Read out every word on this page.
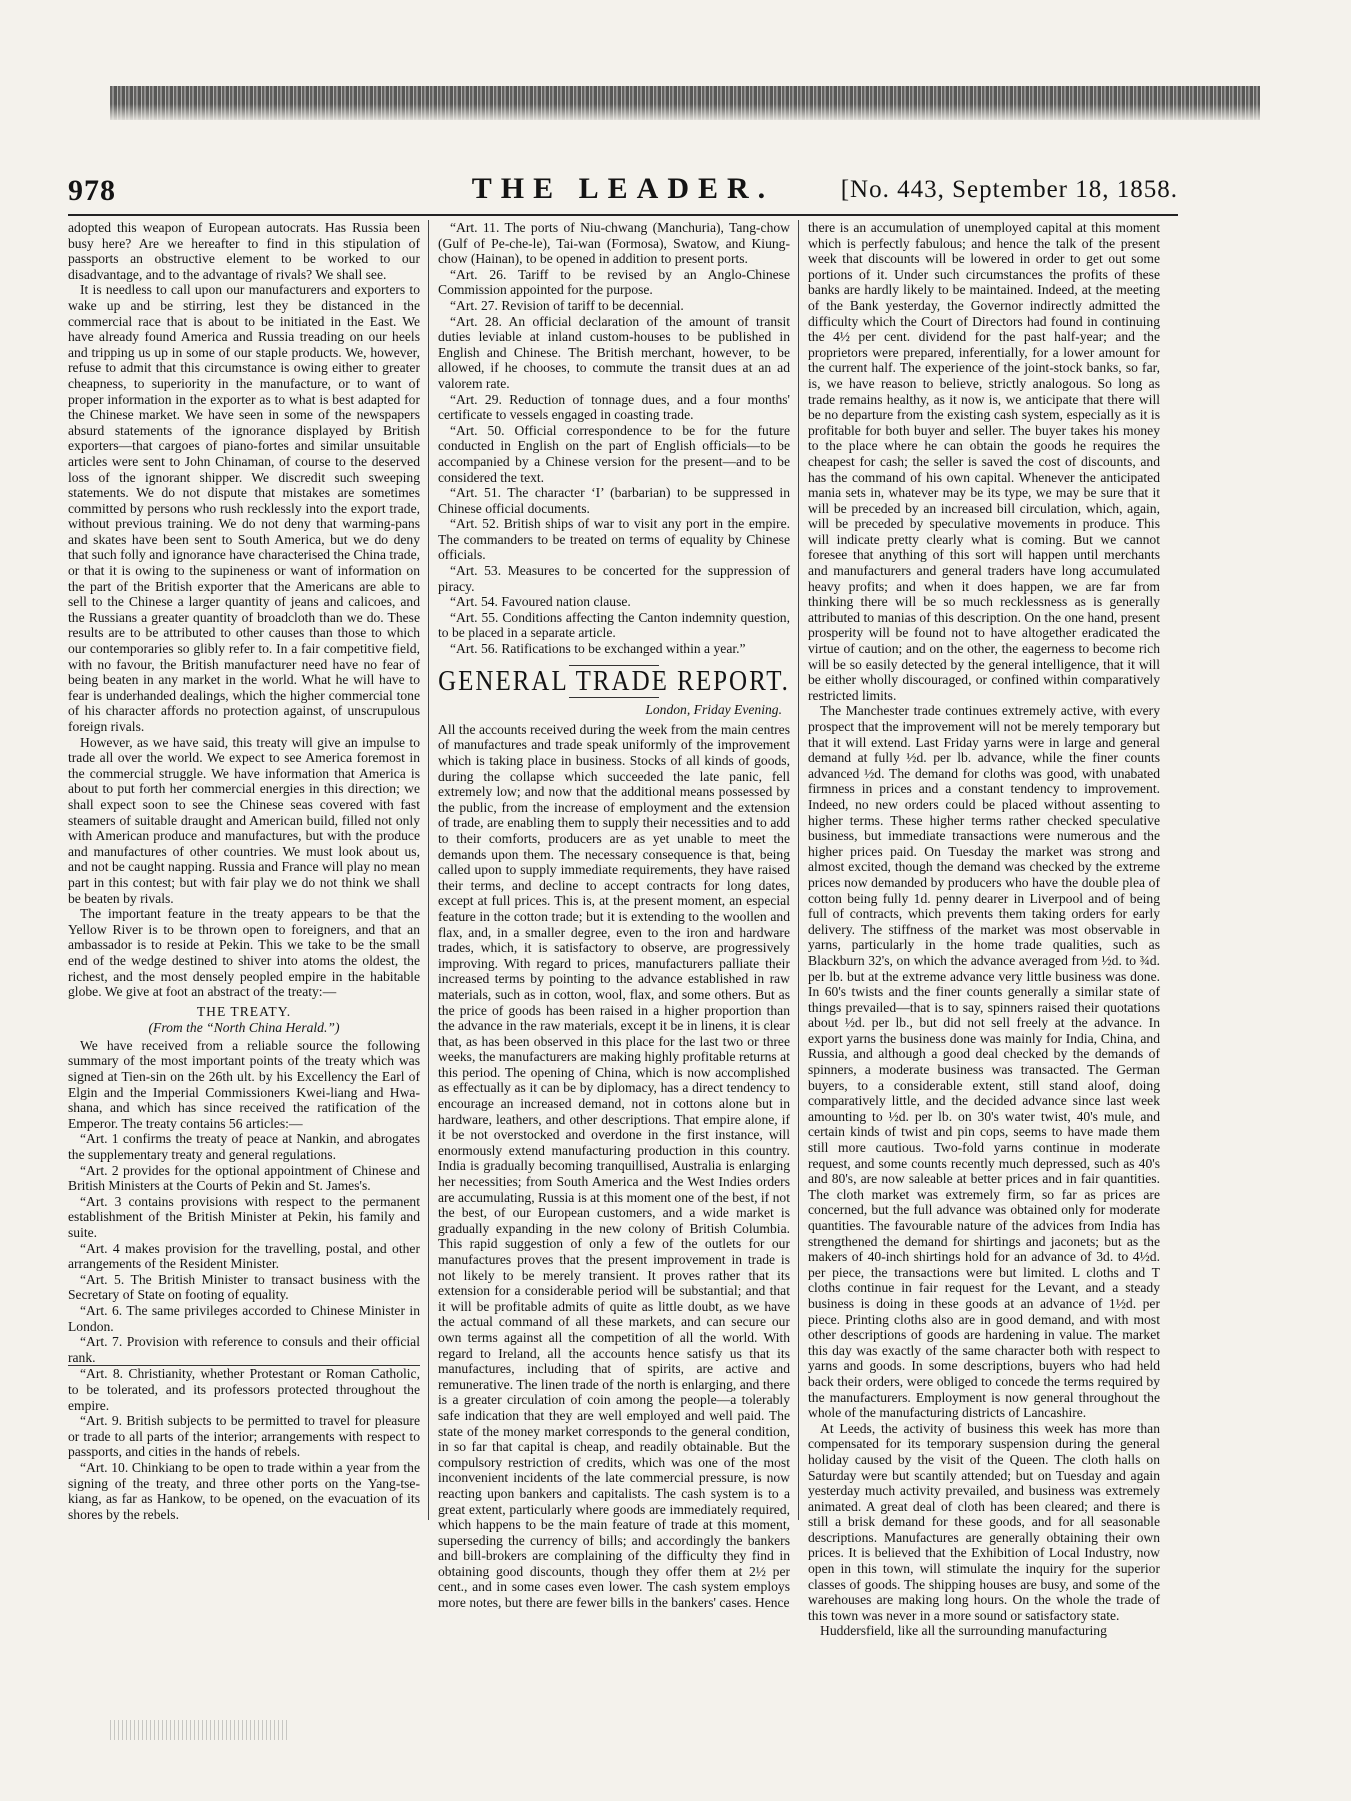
978	THE LEADER.	[No. 443, September 18, 1858.

adopted this weapon of European autocrats. Has Russia been busy here? Are we hereafter to find in this stipulation of passports an obstructive element to be worked to our disadvantage, and to the advantage of rivals? We shall see.

It is needless to call upon our manufacturers and exporters to wake up and be stirring, lest they be distanced in the commercial race that is about to be initiated in the East. We have already found America and Russia treading on our heels and tripping us up in some of our staple products. We, however, refuse to admit that this circumstance is owing either to greater cheapness, to superiority in the manufacture, or to want of proper information in the exporter as to what is best adapted for the Chinese market. We have seen in some of the newspapers absurd statements of the ignorance displayed by British exporters—that cargoes of piano-fortes and similar unsuitable articles were sent to John Chinaman, of course to the deserved loss of the ignorant shipper. We discredit such sweeping statements. We do not dispute that mistakes are sometimes committed by persons who rush recklessly into the export trade, without previous training. We do not deny that warming-pans and skates have been sent to South America, but we do deny that such folly and ignorance have characterised the China trade, or that it is owing to the supineness or want of information on the part of the British exporter that the Americans are able to sell to the Chinese a larger quantity of jeans and calicoes, and the Russians a greater quantity of broadcloth than we do. These results are to be attributed to other causes than those to which our contemporaries so glibly refer to. In a fair competitive field, with no favour, the British manufacturer need have no fear of being beaten in any market in the world. What he will have to fear is underhanded dealings, which the higher commercial tone of his character affords no protection against, of unscrupulous foreign rivals.

However, as we have said, this treaty will give an impulse to trade all over the world. We expect to see America foremost in the commercial struggle. We have information that America is about to put forth her commercial energies in this direction; we shall expect soon to see the Chinese seas covered with fast steamers of suitable draught and American build, filled not only with American produce and manufactures, but with the produce and manufactures of other countries. We must look about us, and not be caught napping. Russia and France will play no mean part in this contest; but with fair play we do not think we shall be beaten by rivals.

The important feature in the treaty appears to be that the Yellow River is to be thrown open to foreigners, and that an ambassador is to reside at Pekin. This we take to be the small end of the wedge destined to shiver into atoms the oldest, the richest, and the most densely peopled empire in the habitable globe. We give at foot an abstract of the treaty:—

THE TREATY.
(From the “North China Herald.”)

We have received from a reliable source the following summary of the most important points of the treaty which was signed at Tien-sin on the 26th ult. by his Excellency the Earl of Elgin and the Imperial Commissioners Kwei-liang and Hwa-shana, and which has since received the ratification of the Emperor. The treaty contains 56 articles:—

“Art. 1 confirms the treaty of peace at Nankin, and abrogates the supplementary treaty and general regulations.

“Art. 2 provides for the optional appointment of Chinese and British Ministers at the Courts of Pekin and St. James's.

“Art. 3 contains provisions with respect to the permanent establishment of the British Minister at Pekin, his family and suite.

“Art. 4 makes provision for the travelling, postal, and other arrangements of the Resident Minister.

“Art. 5. The British Minister to transact business with the Secretary of State on footing of equality.

“Art. 6. The same privileges accorded to Chinese Minister in London.

“Art. 7. Provision with reference to consuls and their official rank.

“Art. 8. Christianity, whether Protestant or Roman Catholic, to be tolerated, and its professors protected throughout the empire.

“Art. 9. British subjects to be permitted to travel for pleasure or trade to all parts of the interior; arrangements with respect to passports, and cities in the hands of rebels.

“Art. 10. Chinkiang to be open to trade within a year from the signing of the treaty, and three other ports on the Yang-tse-kiang, as far as Hankow, to be opened, on the evacuation of its shores by the rebels.

“Art. 11. The ports of Niu-chwang (Manchuria), Tang-chow (Gulf of Pe-che-le), Tai-wan (Formosa), Swatow, and Kiung-chow (Hainan), to be opened in addition to present ports.

“Art. 26. Tariff to be revised by an Anglo-Chinese Commission appointed for the purpose.

“Art. 27. Revision of tariff to be decennial.

“Art. 28. An official declaration of the amount of transit duties leviable at inland custom-houses to be published in English and Chinese. The British merchant, however, to be allowed, if he chooses, to commute the transit dues at an ad valorem rate.

“Art. 29. Reduction of tonnage dues, and a four months' certificate to vessels engaged in coasting trade.

“Art. 50. Official correspondence to be for the future conducted in English on the part of English officials—to be accompanied by a Chinese version for the present—and to be considered the text.

“Art. 51. The character ‘I’ (barbarian) to be suppressed in Chinese official documents.

“Art. 52. British ships of war to visit any port in the empire. The commanders to be treated on terms of equality by Chinese officials.

“Art. 53. Measures to be concerted for the suppression of piracy.

“Art. 54. Favoured nation clause.

“Art. 55. Conditions affecting the Canton indemnity question, to be placed in a separate article.

“Art. 56. Ratifications to be exchanged within a year.”

GENERAL TRADE REPORT.
London, Friday Evening.

All the accounts received during the week from the main centres of manufactures and trade speak uniformly of the improvement which is taking place in business. Stocks of all kinds of goods, during the collapse which succeeded the late panic, fell extremely low; and now that the additional means possessed by the public, from the increase of employment and the extension of trade, are enabling them to supply their necessities and to add to their comforts, producers are as yet unable to meet the demands upon them. The necessary consequence is that, being called upon to supply immediate requirements, they have raised their terms, and decline to accept contracts for long dates, except at full prices. This is, at the present moment, an especial feature in the cotton trade; but it is extending to the woollen and flax, and, in a smaller degree, even to the iron and hardware trades, which, it is satisfactory to observe, are progressively improving. With regard to prices, manufacturers palliate their increased terms by pointing to the advance established in raw materials, such as in cotton, wool, flax, and some others. But as the price of goods has been raised in a higher proportion than the advance in the raw materials, except it be in linens, it is clear that, as has been observed in this place for the last two or three weeks, the manufacturers are making highly profitable returns at this period. The opening of China, which is now accomplished as effectually as it can be by diplomacy, has a direct tendency to encourage an increased demand, not in cottons alone but in hardware, leathers, and other descriptions. That empire alone, if it be not overstocked and overdone in the first instance, will enormously extend manufacturing production in this country. India is gradually becoming tranquillised, Australia is enlarging her necessities; from South America and the West Indies orders are accumulating, Russia is at this moment one of the best, if not the best, of our European customers, and a wide market is gradually expanding in the new colony of British Columbia. This rapid suggestion of only a few of the outlets for our manufactures proves that the present improvement in trade is not likely to be merely transient. It proves rather that its extension for a considerable period will be substantial; and that it will be profitable admits of quite as little doubt, as we have the actual command of all these markets, and can secure our own terms against all the competition of all the world. With regard to Ireland, all the accounts hence satisfy us that its manufactures, including that of spirits, are active and remunerative. The linen trade of the north is enlarging, and there is a greater circulation of coin among the people—a tolerably safe indication that they are well employed and well paid. The state of the money market corresponds to the general condition, in so far that capital is cheap, and readily obtainable. But the compulsory restriction of credits, which was one of the most inconvenient incidents of the late commercial pressure, is now reacting upon bankers and capitalists. The cash system is to a great extent, particularly where goods are immediately required, which happens to be the main feature of trade at this moment, superseding the currency of bills; and accordingly the bankers and bill-brokers are complaining of the difficulty they find in obtaining good discounts, though they offer them at 2½ per cent., and in some cases even lower. The cash system employs more notes, but there are fewer bills in the bankers' cases. Hence

there is an accumulation of unemployed capital at this moment which is perfectly fabulous; and hence the talk of the present week that discounts will be lowered in order to get out some portions of it. Under such circumstances the profits of these banks are hardly likely to be maintained. Indeed, at the meeting of the Bank yesterday, the Governor indirectly admitted the difficulty which the Court of Directors had found in continuing the 4½ per cent. dividend for the past half-year; and the proprietors were prepared, inferentially, for a lower amount for the current half. The experience of the joint-stock banks, so far, is, we have reason to believe, strictly analogous. So long as trade remains healthy, as it now is, we anticipate that there will be no departure from the existing cash system, especially as it is profitable for both buyer and seller. The buyer takes his money to the place where he can obtain the goods he requires the cheapest for cash; the seller is saved the cost of discounts, and has the command of his own capital. Whenever the anticipated mania sets in, whatever may be its type, we may be sure that it will be preceded by an increased bill circulation, which, again, will be preceded by speculative movements in produce. This will indicate pretty clearly what is coming. But we cannot foresee that anything of this sort will happen until merchants and manufacturers and general traders have long accumulated heavy profits; and when it does happen, we are far from thinking there will be so much recklessness as is generally attributed to manias of this description. On the one hand, present prosperity will be found not to have altogether eradicated the virtue of caution; and on the other, the eagerness to become rich will be so easily detected by the general intelligence, that it will be either wholly discouraged, or confined within comparatively restricted limits.

The Manchester trade continues extremely active, with every prospect that the improvement will not be merely temporary but that it will extend. Last Friday yarns were in large and general demand at fully ½d. per lb. advance, while the finer counts advanced ½d. The demand for cloths was good, with unabated firmness in prices and a constant tendency to improvement. Indeed, no new orders could be placed without assenting to higher terms. These higher terms rather checked speculative business, but immediate transactions were numerous and the higher prices paid. On Tuesday the market was strong and almost excited, though the demand was checked by the extreme prices now demanded by producers who have the double plea of cotton being fully 1d. penny dearer in Liverpool and of being full of contracts, which prevents them taking orders for early delivery. The stiffness of the market was most observable in yarns, particularly in the home trade qualities, such as Blackburn 32's, on which the advance averaged from ½d. to ¾d. per lb. but at the extreme advance very little business was done. In 60's twists and the finer counts generally a similar state of things prevailed—that is to say, spinners raised their quotations about ½d. per lb., but did not sell freely at the advance. In export yarns the business done was mainly for India, China, and Russia, and although a good deal checked by the demands of spinners, a moderate business was transacted. The German buyers, to a considerable extent, still stand aloof, doing comparatively little, and the decided advance since last week amounting to ½d. per lb. on 30's water twist, 40's mule, and certain kinds of twist and pin cops, seems to have made them still more cautious. Two-fold yarns continue in moderate request, and some counts recently much depressed, such as 40's and 80's, are now saleable at better prices and in fair quantities. The cloth market was extremely firm, so far as prices are concerned, but the full advance was obtained only for moderate quantities. The favourable nature of the advices from India has strengthened the demand for shirtings and jaconets; but as the makers of 40-inch shirtings hold for an advance of 3d. to 4½d. per piece, the transactions were but limited. L cloths and T cloths continue in fair request for the Levant, and a steady business is doing in these goods at an advance of 1½d. per piece. Printing cloths also are in good demand, and with most other descriptions of goods are hardening in value. The market this day was exactly of the same character both with respect to yarns and goods. In some descriptions, buyers who had held back their orders, were obliged to concede the terms required by the manufacturers. Employment is now general throughout the whole of the manufacturing districts of Lancashire.

At Leeds, the activity of business this week has more than compensated for its temporary suspension during the general holiday caused by the visit of the Queen. The cloth halls on Saturday were but scantily attended; but on Tuesday and again yesterday much activity prevailed, and business was extremely animated. A great deal of cloth has been cleared; and there is still a brisk demand for these goods, and for all seasonable descriptions. Manufactures are generally obtaining their own prices. It is believed that the Exhibition of Local Industry, now open in this town, will stimulate the inquiry for the superior classes of goods. The shipping houses are busy, and some of the warehouses are making long hours. On the whole the trade of this town was never in a more sound or satisfactory state.

Huddersfield, like all the surrounding manufacturing
